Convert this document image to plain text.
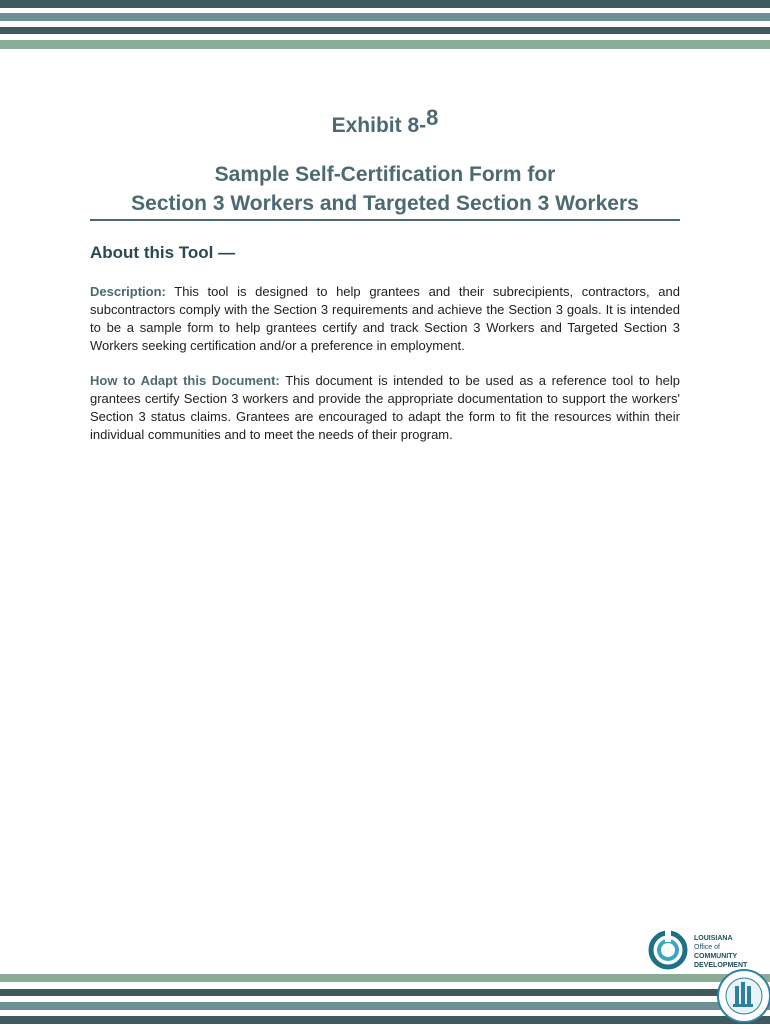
Exhibit 8-8
Sample Self-Certification Form for
Section 3 Workers and Targeted Section 3 Workers
About this Tool —

Description: This tool is designed to help grantees and their subrecipients, contractors, and subcontractors comply with the Section 3 requirements and achieve the Section 3 goals. It is intended to be a sample form to help grantees certify and track Section 3 Workers and Targeted Section 3 Workers seeking certification and/or a preference in employment.

How to Adapt this Document: This document is intended to be used as a reference tool to help grantees certify Section 3 workers and provide the appropriate documentation to support the workers' Section 3 status claims. Grantees are encouraged to adapt the form to fit the resources within their individual communities and to meet the needs of their program.

LOUISIANA
Office of
COMMUNITY
DEVELOPMENT
